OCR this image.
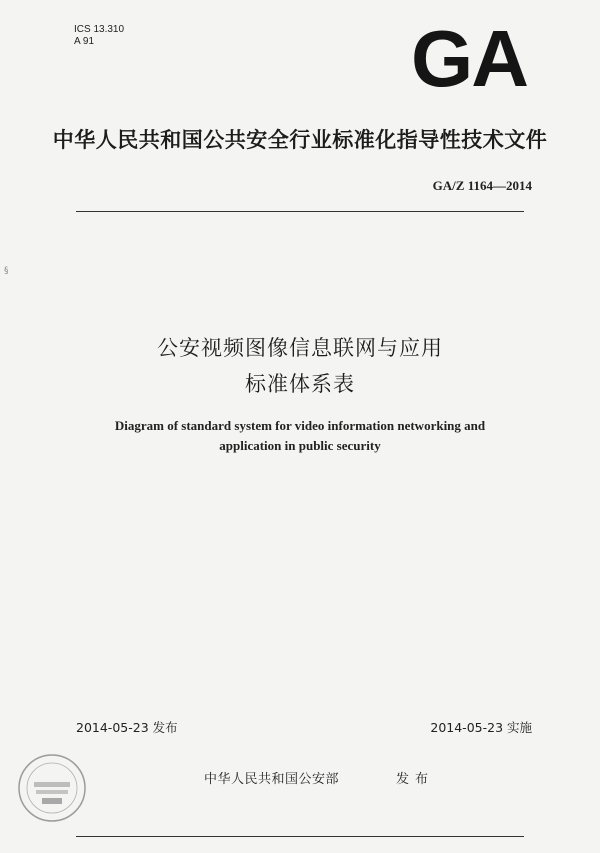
ICS 13.310
A 91	GA
中华人民共和国公共安全行业标准化指导性技术文件
GA/Z 1164—2014
§
公安视频图像信息联网与应用
标准体系表
Diagram of standard system for video information networking and
application in public security
2014-05-23 发布	2014-05-23 实施
中华人民共和国公安部	发布
